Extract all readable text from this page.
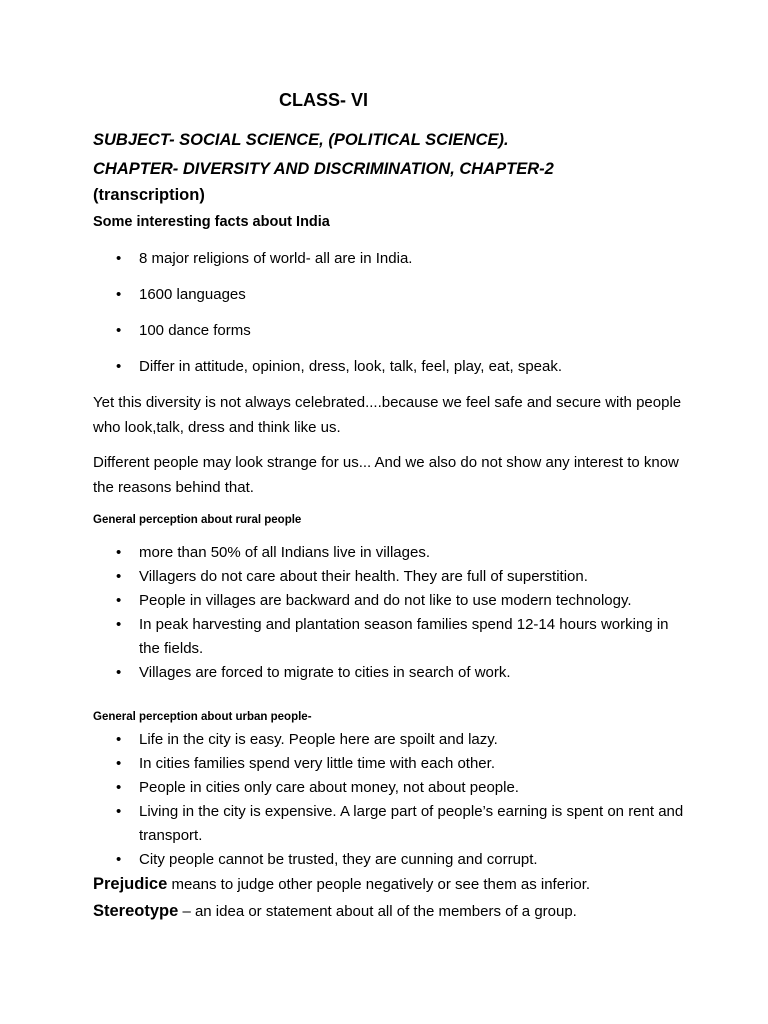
CLASS- VI
SUBJECT- SOCIAL SCIENCE, (POLITICAL SCIENCE).
CHAPTER- DIVERSITY AND DISCRIMINATION, CHAPTER-2
(transcription)
Some interesting facts about India
• 8 major religions of world- all are in India.
• 1600 languages
• 100 dance forms
• Differ in attitude, opinion, dress, look, talk, feel, play, eat, speak.
Yet this diversity is not always celebrated....because we feel safe and secure with people who look,talk, dress and think like us.
Different people may look strange for us... And we also do not show any interest to know the reasons behind that.
General perception about rural people
• more than 50% of all Indians live in villages.
• Villagers do not care about their health. They are full of superstition.
• People in villages are backward and do not like to use modern technology.
• In peak harvesting and plantation season families spend 12-14 hours working in the fields.
• Villages are forced to migrate to cities in search of work.
General perception about urban people-
• Life in the city is easy. People here are spoilt and lazy.
• In cities families spend very little time with each other.
• People in cities only care about money, not about people.
• Living in the city is expensive. A large part of people’s earning is spent on rent and transport.
• City people cannot be trusted, they are cunning and corrupt.
Prejudice means to judge other people negatively or see them as inferior.
Stereotype – an idea or statement about all of the members of a group.
